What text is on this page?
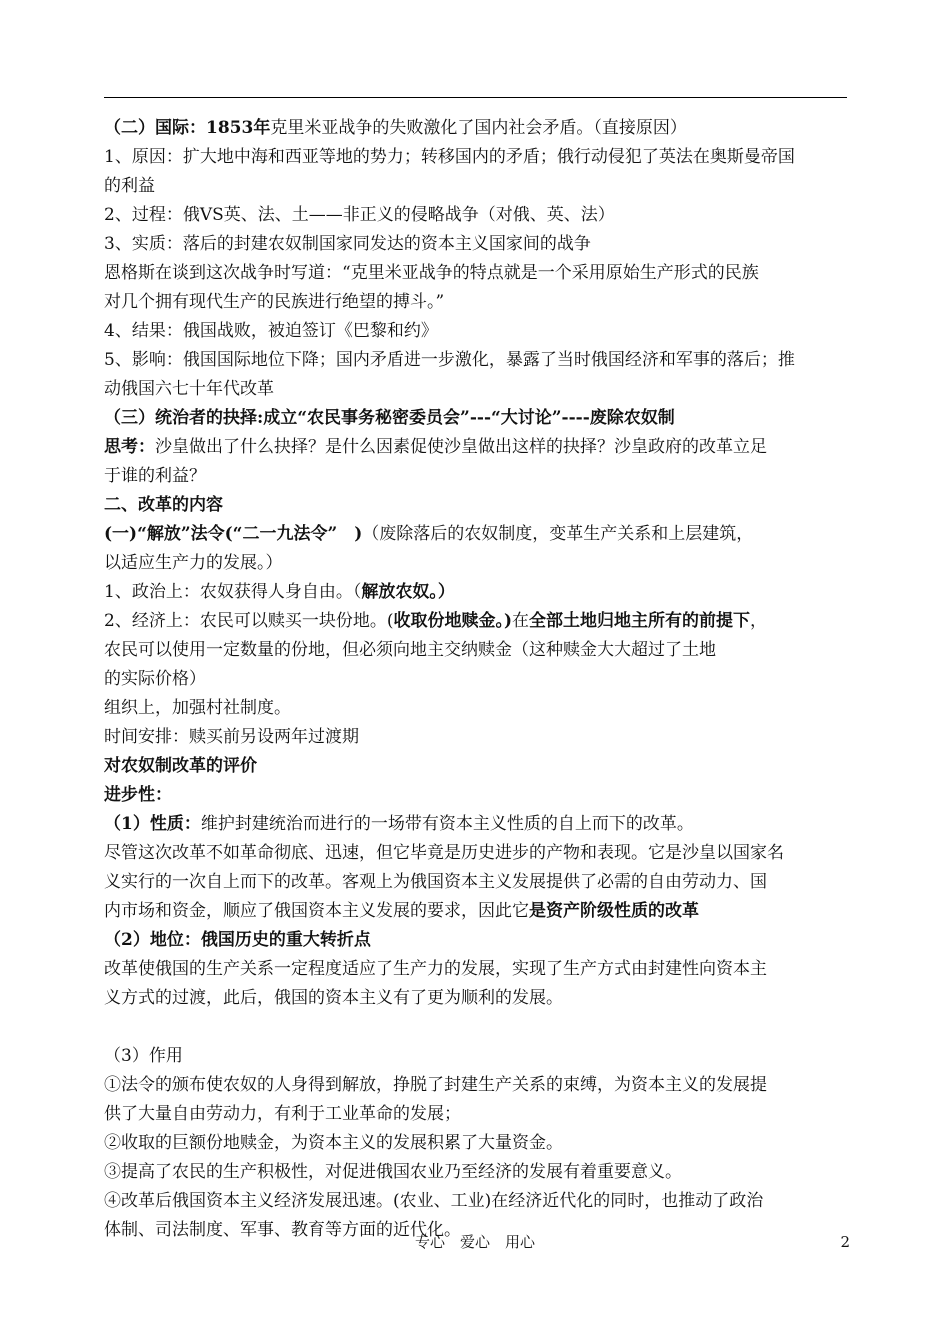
（二）国际：1853年克里米亚战争的失败激化了国内社会矛盾。（直接原因）
1、原因：扩大地中海和西亚等地的势力；转移国内的矛盾；俄行动侵犯了英法在奥斯曼帝国
的利益
2、过程：俄VS英、法、土——非正义的侵略战争（对俄、英、法）
3、实质：落后的封建农奴制国家同发达的资本主义国家间的战争
恩格斯在谈到这次战争时写道：“克里米亚战争的特点就是一个采用原始生产形式的民族
对几个拥有现代生产的民族进行绝望的搏斗。”
4、结果：俄国战败，被迫签订《巴黎和约》
5、影响：俄国国际地位下降；国内矛盾进一步激化，暴露了当时俄国经济和军事的落后；推
动俄国六七十年代改革
（三）统治者的抉择:成立“农民事务秘密委员会”---“大讨论”----废除农奴制
思考：沙皇做出了什么抉择？是什么因素促使沙皇做出这样的抉择？沙皇政府的改革立足
于谁的利益？
二、改革的内容
(一)“解放”法令(“二一九法令”　)（废除落后的农奴制度，变革生产关系和上层建筑，
以适应生产力的发展。）
1、政治上：农奴获得人身自由。（解放农奴。）
2、经济上：农民可以赎买一块份地。(收取份地赎金。)在全部土地归地主所有的前提下，
农民可以使用一定数量的份地，但必须向地主交纳赎金（这种赎金大大超过了土地
的实际价格）
组织上，加强村社制度。
时间安排：赎买前另设两年过渡期
对农奴制改革的评价
进步性：
（1）性质：维护封建统治而进行的一场带有资本主义性质的自上而下的改革。
尽管这次改革不如革命彻底、迅速，但它毕竟是历史进步的产物和表现。它是沙皇以国家名
义实行的一次自上而下的改革。客观上为俄国资本主义发展提供了必需的自由劳动力、国
内市场和资金，顺应了俄国资本主义发展的要求，因此它是资产阶级性质的改革
（2）地位：俄国历史的重大转折点
改革使俄国的生产关系一定程度适应了生产力的发展，实现了生产方式由封建性向资本主
义方式的过渡，此后，俄国的资本主义有了更为顺利的发展。
（3）作用
①法令的颁布使农奴的人身得到解放，挣脱了封建生产关系的束缚，为资本主义的发展提
供了大量自由劳动力，有利于工业革命的发展；
②收取的巨额份地赎金，为资本主义的发展积累了大量资金。
③提高了农民的生产积极性，对促进俄国农业乃至经济的发展有着重要意义。
④改革后俄国资本主义经济发展迅速。(农业、工业)在经济近代化的同时，也推动了政治
体制、司法制度、军事、教育等方面的近代化。
专心　爱心　用心	2
